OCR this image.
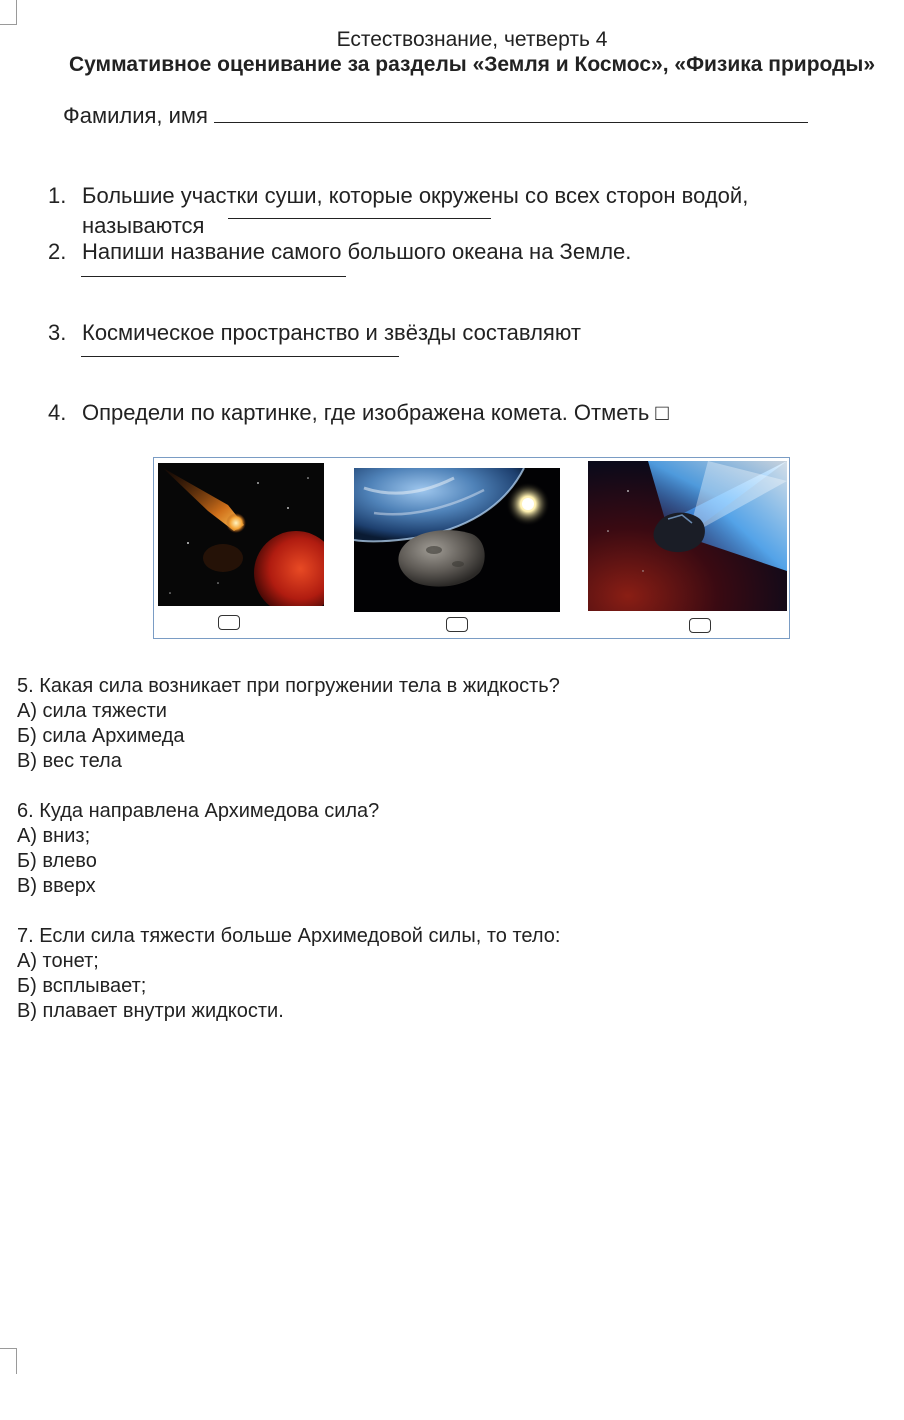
Естествознание, четверть 4
Суммативное оценивание за разделы «Земля и Космос», «Физика природы»
Фамилия, имя
1. Большие участки суши, которые окружены со всех сторон водой,
называются
2. Напиши название самого большого океана на Земле.
3. Космическое пространство и звёзды составляют
4. Определи по картинке, где изображена комета. Отметь □
5. Какая сила возникает при погружении тела в жидкость?
А) сила тяжести
Б) сила Архимеда
В) вес тела
6. Куда направлена Архимедова сила?
А) вниз;
Б) влево
В) вверх
7. Если сила тяжести больше Архимедовой силы, то тело:
А) тонет;
Б) всплывает;
В) плавает внутри жидкости.
